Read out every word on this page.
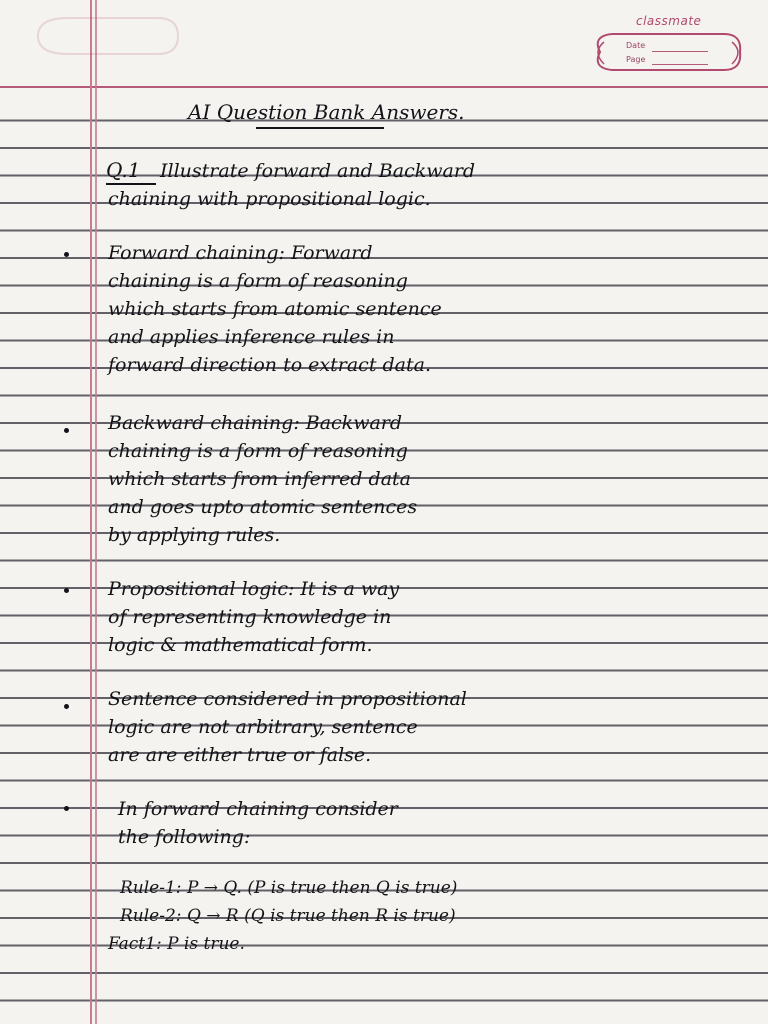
classmate
Date
Page

AI Question Bank Answers.

Q.1 Illustrate forward and Backward

chaining with propositional logic.

Forward chaining: Forward

chaining is a form of reasoning

which starts from atomic sentence

and applies inference rules in

forward direction to extract data.

Backward chaining: Backward

chaining is a form of reasoning

which starts from inferred data

and goes upto atomic sentences

by applying rules.

Propositional logic: It is a way

of representing knowledge in

logic & mathematical form.

Sentence considered in propositional

logic are not arbitrary, sentence

are are either true or false.

In forward chaining consider

the following:

Rule-1: P → Q. (P is true then Q is true)

Rule-2: Q → R (Q is true then R is true)

Fact1: P is true.
